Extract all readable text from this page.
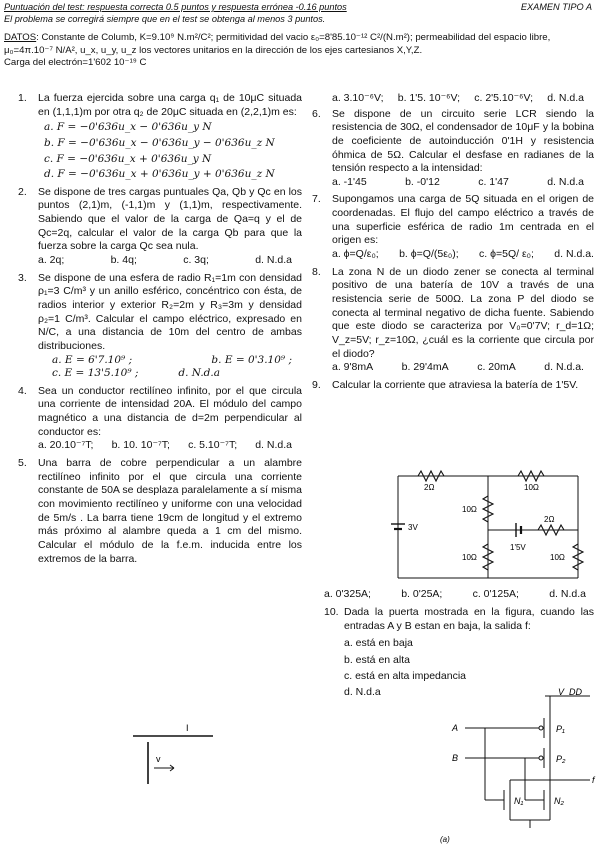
Puntuación del test: respuesta correcta 0.5 puntos y respuesta errónea -0.16 puntos	EXAMEN TIPO A
El problema se corregirá siempre que en el test se obtenga al menos 3 puntos.
DATOS: Constante de Columb, K=9.10⁹ N.m²/C²; permitividad del vacio ε₀=8'85.10⁻¹² C²/(N.m²); permeabilidad del espacio libre, μ₀=4π.10⁻⁷ N/A², u_x, u_y, u_z los vectores unitarios en la dirección de los ejes cartesianos X,Y,Z.
Carga del electrón=1'602 10⁻¹⁹ C
1. La fuerza ejercida sobre una carga q₁ de 10μC situada en (1,1,1)m por otra q₂ de 20μC situada en (2,2,1)m es:
a. F = −0'636u_x − 0'636u_y N
b. F = −0'636u_x − 0'636u_y − 0'636u_z N
c. F = −0'636u_x + 0'636u_y N
d. F = −0'636u_x + 0'636u_y + 0'636u_z N
2. Se dispone de tres cargas puntuales Qa, Qb y Qc en los puntos (2,1)m, (-1,1)m y (1,1)m, respectivamente. Sabiendo que el valor de la carga de Qa=q y el de Qc=2q, calcular el valor de la carga Qb para que la fuerza sobre la carga Qc sea nula.
a. 2q;	b. 4q;	c. 3q;	d. N.d.a
3. Se dispone de una esfera de radio R₁=1m con densidad ρ₁=3 C/m³ y un anillo esférico, concéntrico con ésta, de radios interior y exterior R₂=2m y R₃=3m y densidad ρ₂=1 C/m³. Calcular el campo eléctrico, expresado en N/C, a una distancia de 10m del centro de ambas distribuciones.
a. E = 6'7.10⁹ ;	b. E = 0'3.10⁹ ;
c. E = 13'5.10⁹ ;	d. N.d.a
4. Sea un conductor rectilíneo infinito, por el que circula una corriente de intensidad 20A. El módulo del campo magnético a una distancia de d=2m perpendicular al conductor es:
a. 20.10⁻⁷T; b. 10. 10⁻⁷T; c. 5.10⁻⁷T; d. N.d.a
5. Una barra de cobre perpendicular a un alambre rectilíneo infinito por el que circula una corriente constante de 50A se desplaza paralelamente a sí misma con movimiento rectilíneo y uniforme con una velocidad de 5m/s . La barra tiene 19cm de longitud y el extremo más próximo al alambre queda a 1 cm del mismo. Calcular el módulo de la f.e.m. inducida entre los extremos de la barra.
I
v
a. 3.10⁻⁶V; b. 1'5. 10⁻⁶V; c. 2'5.10⁻⁶V; d. N.d.a
6. Se dispone de un circuito serie LCR siendo la resistencia de 30Ω, el condensador de 10μF y la bobina de coeficiente de autoinducción 0'1H y resistencia óhmica de 5Ω. Calcular el desfase en radianes de la tensión respecto a la intensidad:
a. -1'45	b. -0'12	c. 1'47	d. N.d.a
7. Supongamos una carga de 5Q situada en el origen de coordenadas. El flujo del campo eléctrico a través de una superficie esférica de radio 1m centrada en el origen es:
a. ϕ=Q/ε₀; b. ϕ=Q/(5ε₀); c. ϕ=5Q/ ε₀; d. N.d.a.
8. La zona N de un diodo zener se conecta al terminal positivo de una batería de 10V a través de una resistencia serie de 500Ω. La zona P del diodo se conecta al terminal negativo de dicha fuente. Sabiendo que este diodo se caracteriza por V₀=0'7V; r_d=1Ω; V_z=5V; r_z=10Ω, ¿cuál es la corriente que circula por el diodo?
a. 9'8mA	b. 29'4mA	c. 20mA	d. N.d.a.
9. Calcular la corriente que atraviesa la batería de 1'5V.
2Ω	10Ω
10Ω
2Ω
10Ω	10Ω
3V
1'5V
a. 0'325A;	b. 0'25A;	c. 0'125A;	d. N.d.a
10. Dada la puerta mostrada en la figura, cuando las entradas A y B estan en baja, la salida f:
a. está en baja
b. está en alta
c. está en alta impedancia
d. N.d.a	V_DD
A
B
P₁
P₂
N₁	N₂
f
(a)
